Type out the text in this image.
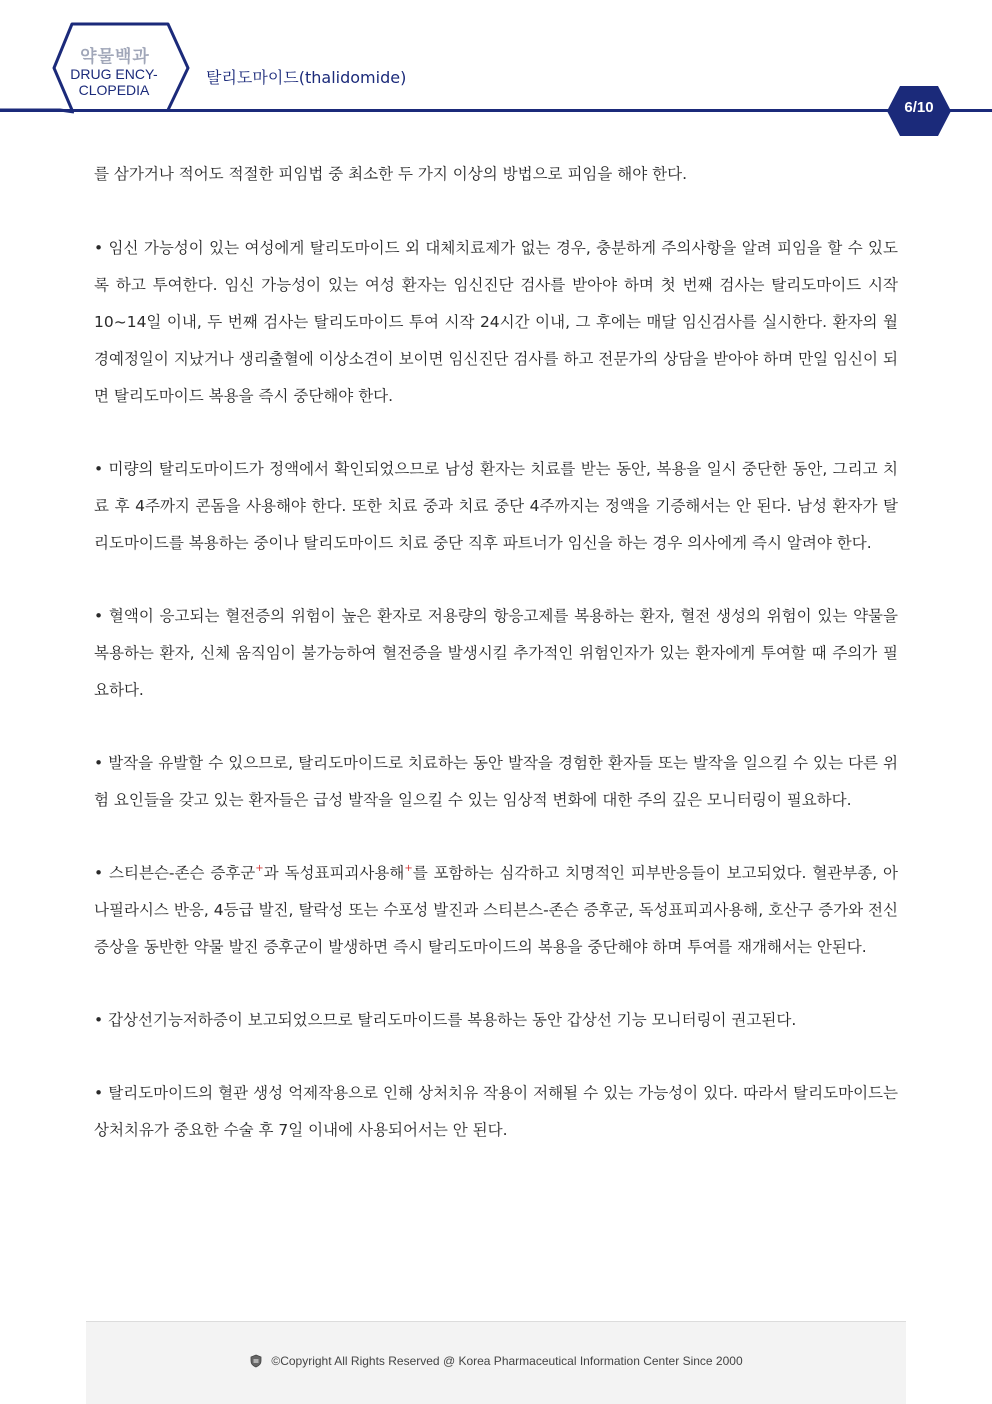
약물백과
DRUG ENCY-
CLOPEDIA
탈리도마이드(thalidomide)
6/10

를 삼가거나 적어도 적절한 피임법 중 최소한 두 가지 이상의 방법으로 피임을 해야 한다.

• 임신 가능성이 있는 여성에게 탈리도마이드 외 대체치료제가 없는 경우, 충분하게 주의사항을 알려 피임을 할 수 있도록 하고 투여한다. 임신 가능성이 있는 여성 환자는 임신진단 검사를 받아야 하며 첫 번째 검사는 탈리도마이드 시작 10~14일 이내, 두 번째 검사는 탈리도마이드 투여 시작 24시간 이내, 그 후에는 매달 임신검사를 실시한다. 환자의 월경예정일이 지났거나 생리출혈에 이상소견이 보이면 임신진단 검사를 하고 전문가의 상담을 받아야 하며 만일 임신이 되면 탈리도마이드 복용을 즉시 중단해야 한다.

• 미량의 탈리도마이드가 정액에서 확인되었으므로 남성 환자는 치료를 받는 동안, 복용을 일시 중단한 동안, 그리고 치료 후 4주까지 콘돔을 사용해야 한다. 또한 치료 중과 치료 중단 4주까지는 정액을 기증해서는 안 된다. 남성 환자가 탈리도마이드를 복용하는 중이나 탈리도마이드 치료 중단 직후 파트너가 임신을 하는 경우 의사에게 즉시 알려야 한다.

• 혈액이 응고되는 혈전증의 위험이 높은 환자로 저용량의 항응고제를 복용하는 환자, 혈전 생성의 위험이 있는 약물을 복용하는 환자, 신체 움직임이 불가능하여 혈전증을 발생시킬 추가적인 위험인자가 있는 환자에게 투여할 때 주의가 필요하다.

• 발작을 유발할 수 있으므로, 탈리도마이드로 치료하는 동안 발작을 경험한 환자들 또는 발작을 일으킬 수 있는 다른 위험 요인들을 갖고 있는 환자들은 급성 발작을 일으킬 수 있는 임상적 변화에 대한 주의 깊은 모니터링이 필요하다.

• 스티븐슨-존슨 증후군+과 독성표피괴사용해+를 포함하는 심각하고 치명적인 피부반응들이 보고되었다. 혈관부종, 아나필라시스 반응, 4등급 발진, 탈락성 또는 수포성 발진과 스티븐스-존슨 증후군, 독성표피괴사용해, 호산구 증가와 전신증상을 동반한 약물 발진 증후군이 발생하면 즉시 탈리도마이드의 복용을 중단해야 하며 투여를 재개해서는 안된다.

• 갑상선기능저하증이 보고되었으므로 탈리도마이드를 복용하는 동안 갑상선 기능 모니터링이 권고된다.

• 탈리도마이드의 혈관 생성 억제작용으로 인해 상처치유 작용이 저해될 수 있는 가능성이 있다. 따라서 탈리도마이드는 상처치유가 중요한 수술 후 7일 이내에 사용되어서는 안 된다.

©Copyright All Rights Reserved @ Korea Pharmaceutical Information Center Since 2000
